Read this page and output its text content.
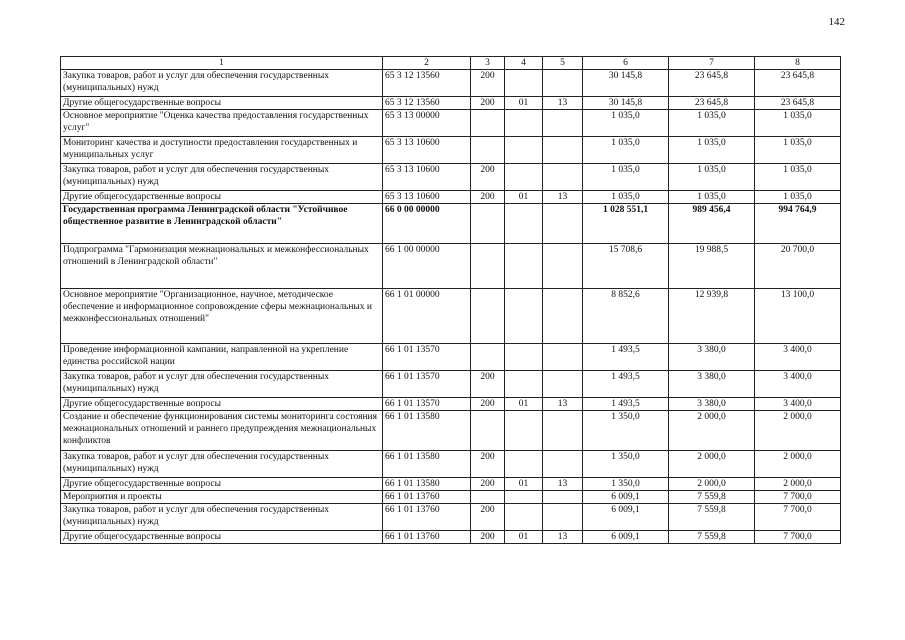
142
1	2	3	4	5	6	7	8
Закупка товаров, работ и услуг для обеспечения государственных (муниципальных) нужд	65 3 12 13560	200			30 145,8	23 645,8	23 645,8
Другие общегосударственные вопросы	65 3 12 13560	200	01	13	30 145,8	23 645,8	23 645,8
Основное мероприятие "Оценка качества предоставления государственных услуг"	65 3 13 00000				1 035,0	1 035,0	1 035,0
Мониторинг качества и доступности предоставления государственных и муниципальных услуг	65 3 13 10600				1 035,0	1 035,0	1 035,0
Закупка товаров, работ и услуг для обеспечения государственных (муниципальных) нужд	65 3 13 10600	200			1 035,0	1 035,0	1 035,0
Другие общегосударственные вопросы	65 3 13 10600	200	01	13	1 035,0	1 035,0	1 035,0
Государственная программа Ленинградской области "Устойчивое общественное развитие в Ленинградской области"	66 0 00 00000				1 028 551,1	989 456,4	994 764,9
Подпрограмма "Гармонизация межнациональных и межконфессиональных отношений в Ленинградской области"	66 1 00 00000				15 708,6	19 988,5	20 700,0
Основное мероприятие "Организационное, научное, методическое обеспечение и информационное сопровождение сферы межнациональных и межконфессиональных отношений"	66 1 01 00000				8 852,6	12 939,8	13 100,0
Проведение информационной кампании, направленной на укрепление единства российской нации	66 1 01 13570				1 493,5	3 380,0	3 400,0
Закупка товаров, работ и услуг для обеспечения государственных (муниципальных) нужд	66 1 01 13570	200			1 493,5	3 380,0	3 400,0
Другие общегосударственные вопросы	66 1 01 13570	200	01	13	1 493,5	3 380,0	3 400,0
Создание и обеспечение функционирования системы мониторинга состояния межнациональных отношений и раннего предупреждения межнациональных конфликтов	66 1 01 13580				1 350,0	2 000,0	2 000,0
Закупка товаров, работ и услуг для обеспечения государственных (муниципальных) нужд	66 1 01 13580	200			1 350,0	2 000,0	2 000,0
Другие общегосударственные вопросы	66 1 01 13580	200	01	13	1 350,0	2 000,0	2 000,0
Мероприятия и проекты	66 1 01 13760				6 009,1	7 559,8	7 700,0
Закупка товаров, работ и услуг для обеспечения государственных (муниципальных) нужд	66 1 01 13760	200			6 009,1	7 559,8	7 700,0
Другие общегосударственные вопросы	66 1 01 13760	200	01	13	6 009,1	7 559,8	7 700,0
